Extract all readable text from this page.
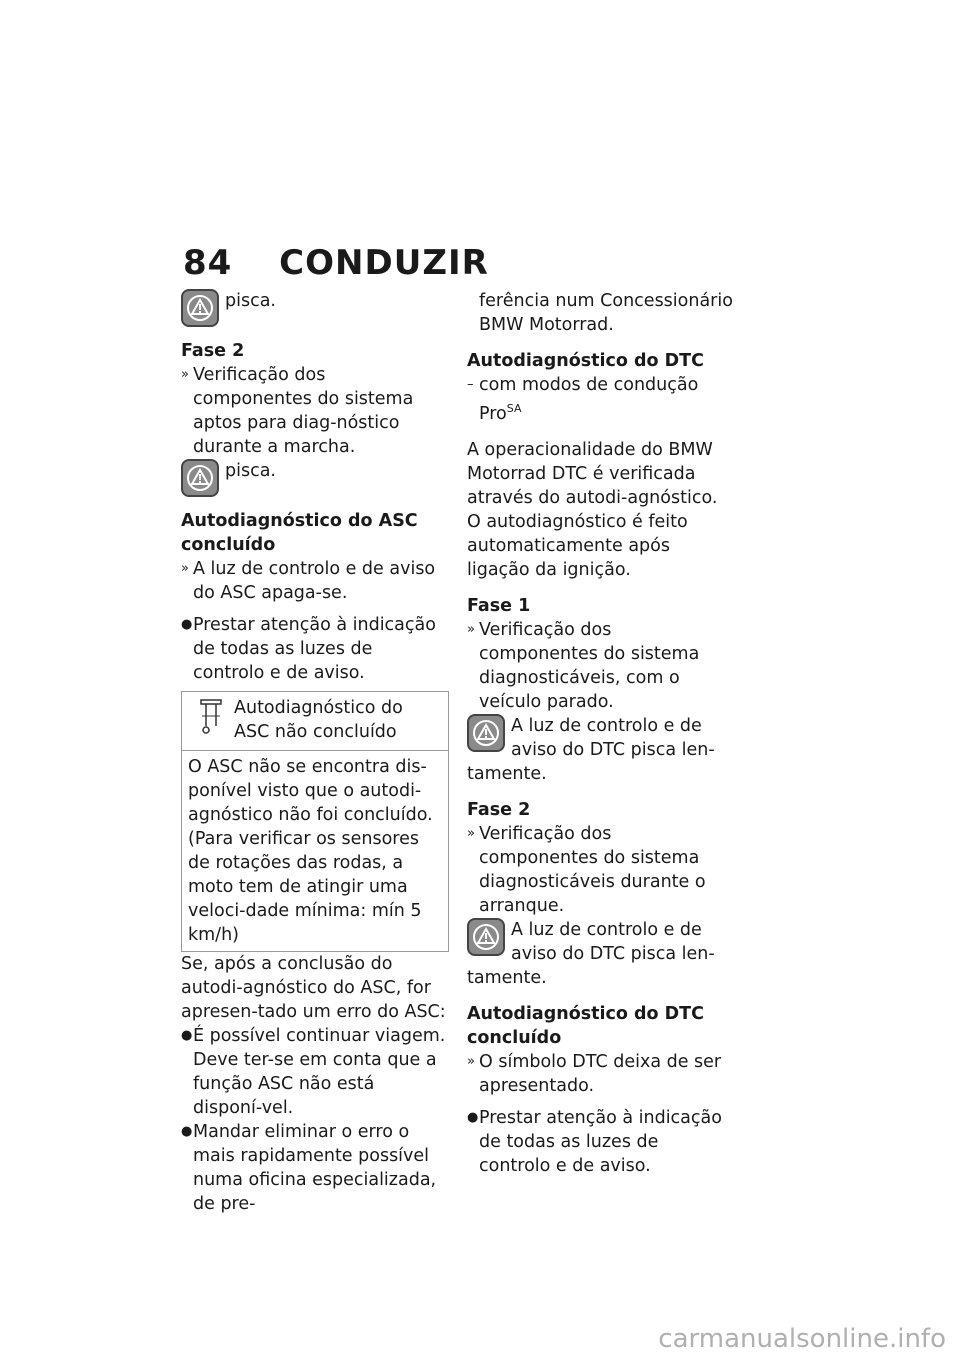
84 CONDUZIR

pisca.

Fase 2

» Verificação dos componentes do sistema aptos para diag-nóstico durante a marcha.

pisca.

Autodiagnóstico do ASC concluído

» A luz de controlo e de aviso do ASC apaga-se.
● Prestar atenção à indicação de todas as luzes de controlo e de aviso.
Autodiagnóstico do ASC não concluído
O ASC não se encontra dis-ponível visto que o autodi-agnóstico não foi concluído. (Para verificar os sensores de rotações das rodas, a moto tem de atingir uma veloci-dade mínima: mín 5 km/h)

Se, após a conclusão do autodi-agnóstico do ASC, for apresen-tado um erro do ASC:

● É possível continuar viagem. Deve ter-se em conta que a função ASC não está disponí-vel.
● Mandar eliminar o erro o mais rapidamente possível numa oficina especializada, de pre-

ferência num Concessionário BMW Motorrad.

Autodiagnóstico do DTC

– com modos de condução Pro$^{SA}$

A operacionalidade do BMW Motorrad DTC é verificada através do autodi-agnóstico. O autodiagnóstico é feito automaticamente após ligação da ignição.

Fase 1

» Verificação dos componentes do sistema diagnosticáveis, com o veículo parado.

A luz de controlo e de aviso do DTC pisca len-

tamente.

Fase 2

» Verificação dos componentes do sistema diagnosticáveis durante o arranque.

A luz de controlo e de aviso do DTC pisca len-

tamente.

Autodiagnóstico do DTC concluído

» O símbolo DTC deixa de ser apresentado.
● Prestar atenção à indicação de todas as luzes de controlo e de aviso.
carmanualsonline.info
